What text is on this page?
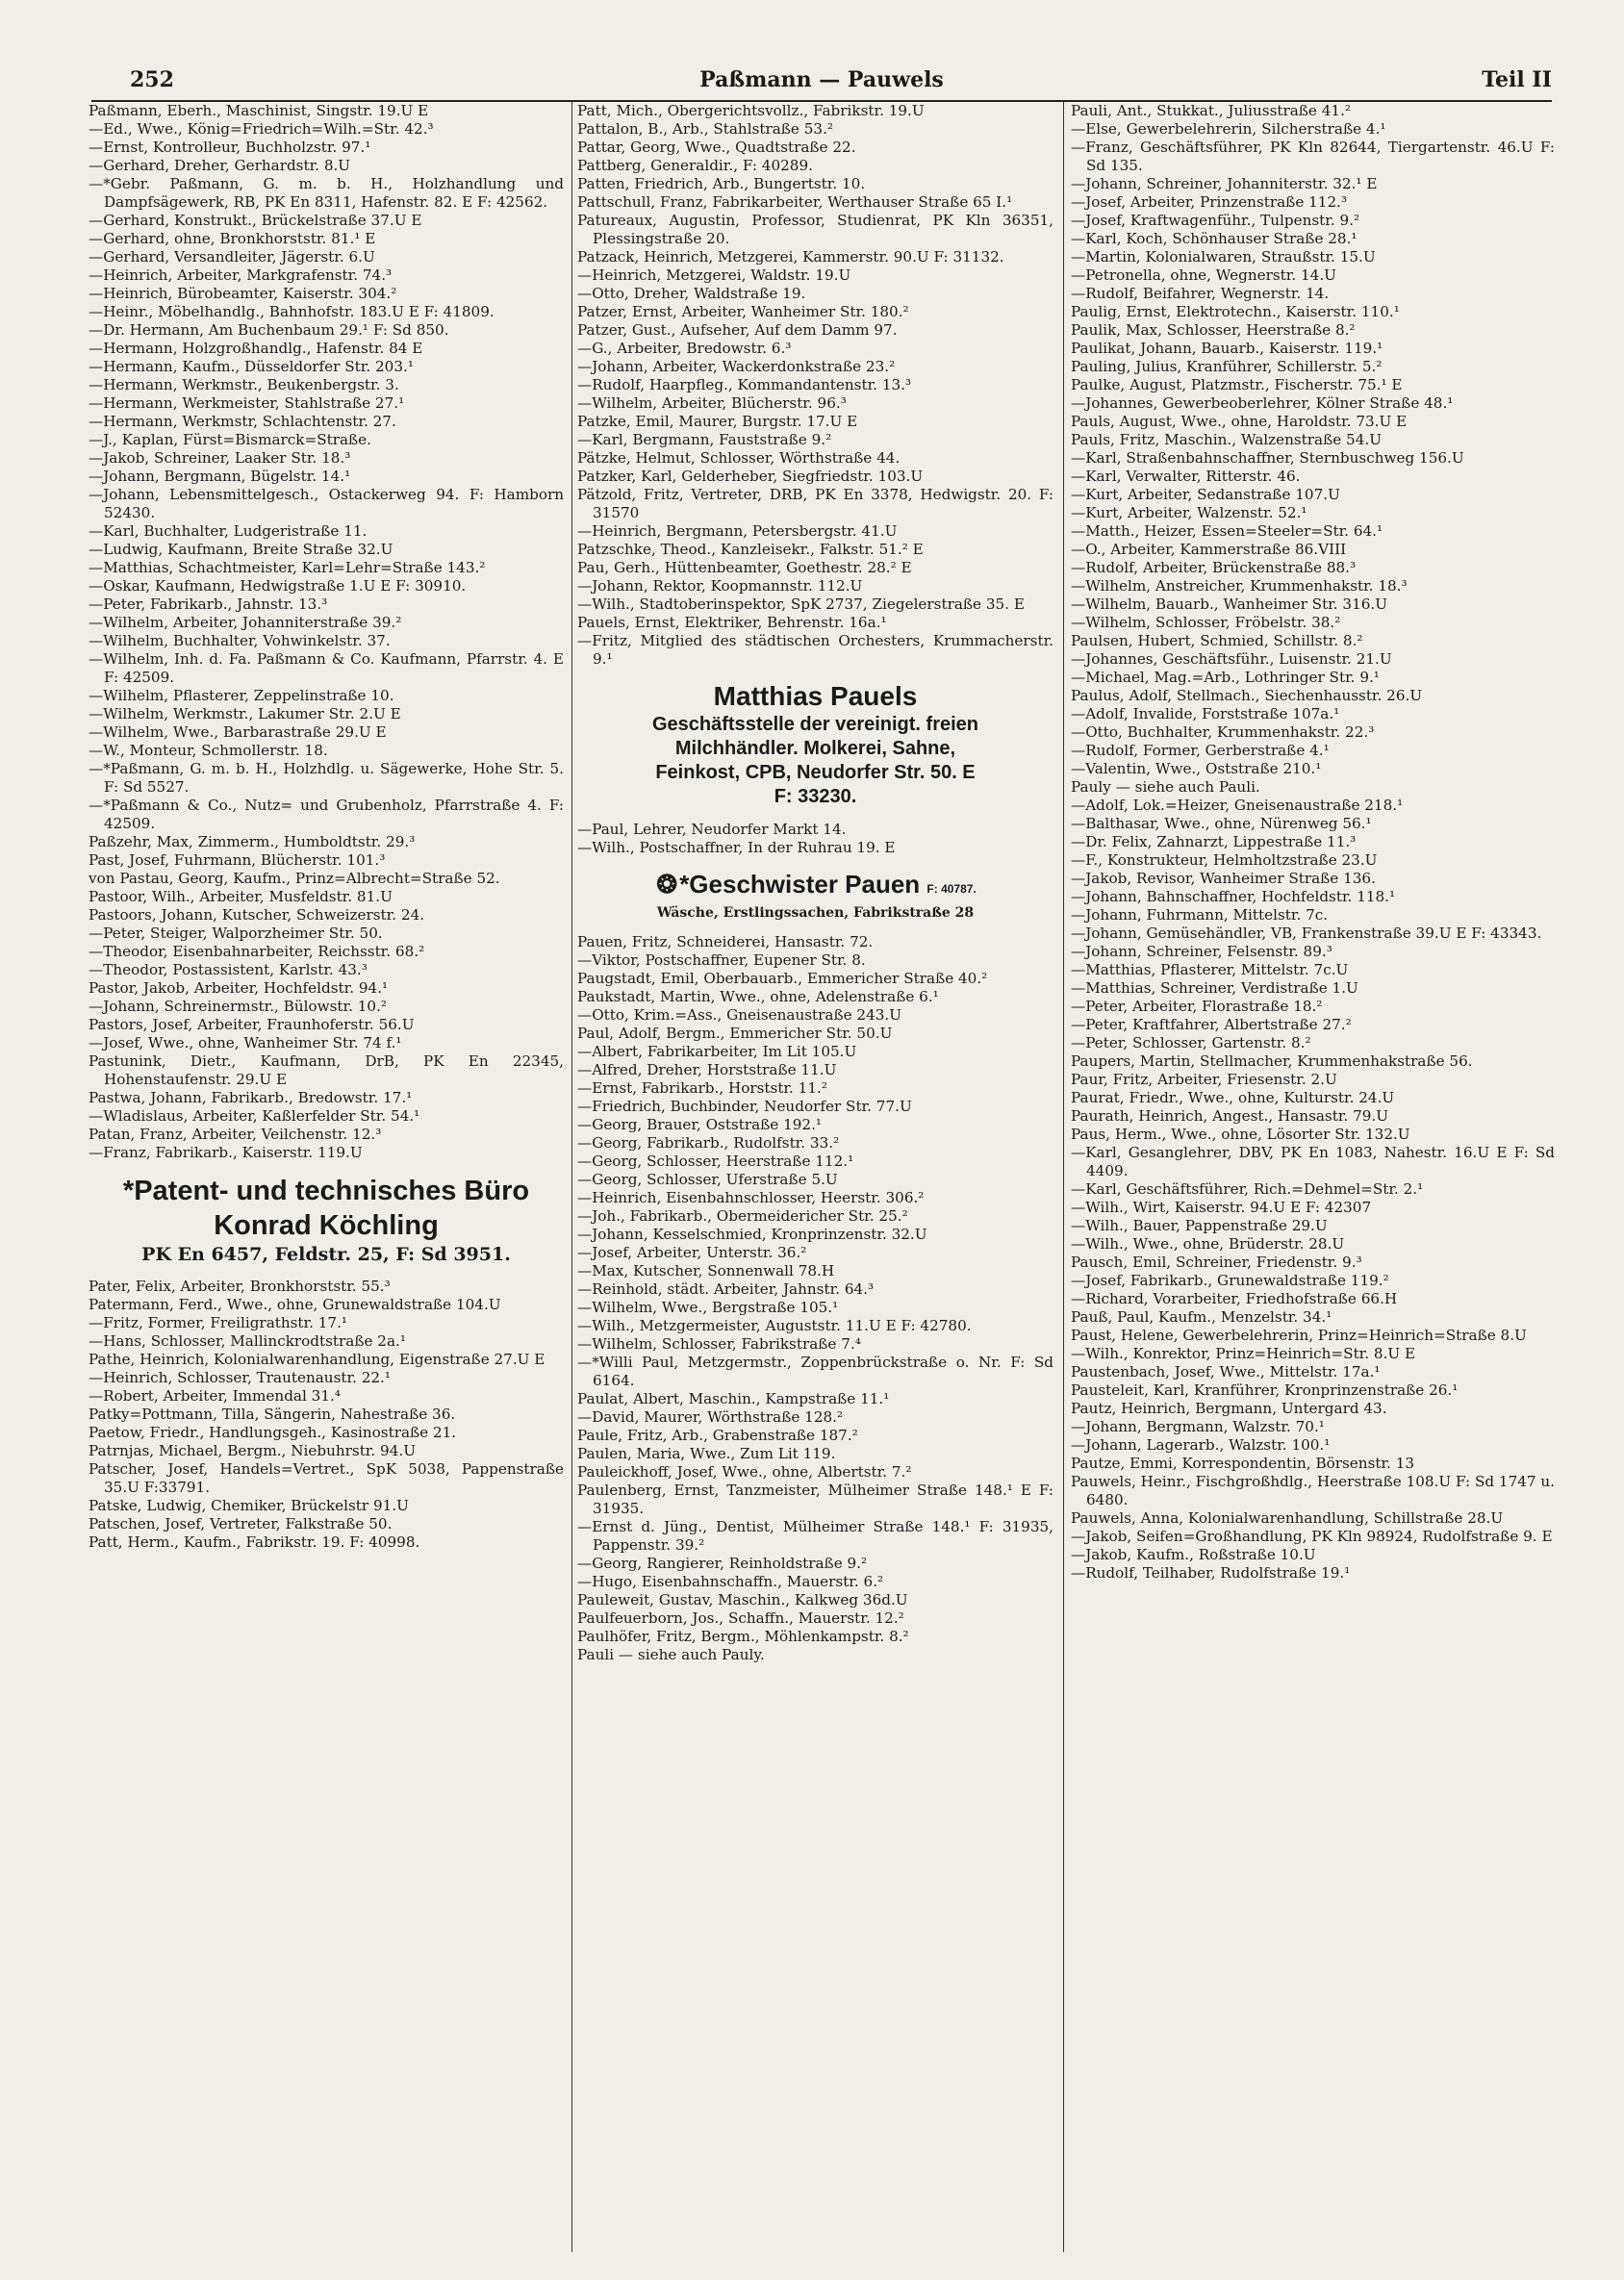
252	Paßmann — Pauwels	Teil II
Paßmann, Eberh., Maschinist, Singstr. 19.U E
—Ed., Wwe., König=Friedrich=Wilh.=Str. 42.³
—Ernst, Kontrolleur, Buchholzstr. 97.¹
—Gerhard, Dreher, Gerhardstr. 8.U
—*Gebr. Paßmann, G. m. b. H., Holzhandlung und Dampfsägewerk, RB, PK En 8311, Hafenstr. 82. E F: 42562.
—Gerhard, Konstrukt., Brückelstraße 37.U E
—Gerhard, ohne, Bronkhorststr. 81.¹ E
—Gerhard, Versandleiter, Jägerstr. 6.U
—Heinrich, Arbeiter, Markgrafenstr. 74.³
—Heinrich, Bürobeamter, Kaiserstr. 304.²
—Heinr., Möbelhandlg., Bahnhofstr. 183.U E F: 41809.
—Dr. Hermann, Am Buchenbaum 29.¹ F: Sd 850.
—Hermann, Holzgroßhandlg., Hafenstr. 84 E
—Hermann, Kaufm., Düsseldorfer Str. 203.¹
—Hermann, Werkmstr., Beukenbergstr. 3.
—Hermann, Werkmeister, Stahlstraße 27.¹
—Hermann, Werkmstr, Schlachtenstr. 27.
—J., Kaplan, Fürst=Bismarck=Straße.
—Jakob, Schreiner, Laaker Str. 18.³
—Johann, Bergmann, Bügelstr. 14.¹
—Johann, Lebensmittelgesch., Ostackerweg 94. F: Hamborn 52430.
—Karl, Buchhalter, Ludgeristraße 11.
—Ludwig, Kaufmann, Breite Straße 32.U
—Matthias, Schachtmeister, Karl=Lehr=Straße 143.²
—Oskar, Kaufmann, Hedwigstraße 1.U E F: 30910.
—Peter, Fabrikarb., Jahnstr. 13.³
—Wilhelm, Arbeiter, Johanniterstraße 39.²
—Wilhelm, Buchhalter, Vohwinkelstr. 37.
—Wilhelm, Inh. d. Fa. Paßmann & Co. Kaufmann, Pfarrstr. 4. E F: 42509.
—Wilhelm, Pflasterer, Zeppelinstraße 10.
—Wilhelm, Werkmstr., Lakumer Str. 2.U E
—Wilhelm, Wwe., Barbarastraße 29.U E
—W., Monteur, Schmollerstr. 18.
—*Paßmann, G. m. b. H., Holzhdlg. u. Sägewerke, Hohe Str. 5. F: Sd 5527.
—*Paßmann & Co., Nutz= und Grubenholz, Pfarrstraße 4. F: 42509.
Paßzehr, Max, Zimmerm., Humboldtstr. 29.³
Past, Josef, Fuhrmann, Blücherstr. 101.³
von Pastau, Georg, Kaufm., Prinz=Albrecht=Straße 52.
Pastoor, Wilh., Arbeiter, Musfeldstr. 81.U
Pastoors, Johann, Kutscher, Schweizerstr. 24.
—Peter, Steiger, Walporzheimer Str. 50.
—Theodor, Eisenbahnarbeiter, Reichsstr. 68.²
—Theodor, Postassistent, Karlstr. 43.³
Pastor, Jakob, Arbeiter, Hochfeldstr. 94.¹
—Johann, Schreinermstr., Bülowstr. 10.²
Pastors, Josef, Arbeiter, Fraunhoferstr. 56.U
—Josef, Wwe., ohne, Wanheimer Str. 74 f.¹
Pastunink, Dietr., Kaufmann, DrB, PK En 22345, Hohenstaufenstr. 29.U E
Pastwa, Johann, Fabrikarb., Bredowstr. 17.¹
—Wladislaus, Arbeiter, Kaßlerfelder Str. 54.¹
Patan, Franz, Arbeiter, Veilchenstr. 12.³
—Franz, Fabrikarb., Kaiserstr. 119.U
*Patent- und technisches Büro
Konrad Köchling
PK En 6457, Feldstr. 25, F: Sd 3951.
Pater, Felix, Arbeiter, Bronkhorststr. 55.³
Patermann, Ferd., Wwe., ohne, Grunewaldstraße 104.U
—Fritz, Former, Freiligrathstr. 17.¹
—Hans, Schlosser, Mallinckrodtstraße 2a.¹
Pathe, Heinrich, Kolonialwarenhandlung, Eigenstraße 27.U E
—Heinrich, Schlosser, Trautenaustr. 22.¹
—Robert, Arbeiter, Immendal 31.⁴
Patky=Pottmann, Tilla, Sängerin, Nahestraße 36.
Paetow, Friedr., Handlungsgeh., Kasinostraße 21.
Patrnjas, Michael, Bergm., Niebuhrstr. 94.U
Patscher, Josef, Handels=Vertret., SpK 5038, Pappenstraße 35.U F:33791.
Patske, Ludwig, Chemiker, Brückelstr 91.U
Patschen, Josef, Vertreter, Falkstraße 50.
Patt, Herm., Kaufm., Fabrikstr. 19. F: 40998.
Patt, Mich., Obergerichtsvollz., Fabrikstr. 19.U
Pattalon, B., Arb., Stahlstraße 53.²
Pattar, Georg, Wwe., Quadtstraße 22.
Pattberg, Generaldir., F: 40289.
Patten, Friedrich, Arb., Bungertstr. 10.
Pattschull, Franz, Fabrikarbeiter, Werthauser Straße 65 I.¹
Patureaux, Augustin, Professor, Studienrat, PK Kln 36351, Plessingstraße 20.
Patzack, Heinrich, Metzgerei, Kammerstr. 90.U F: 31132.
—Heinrich, Metzgerei, Waldstr. 19.U
—Otto, Dreher, Waldstraße 19.
Patzer, Ernst, Arbeiter, Wanheimer Str. 180.²
Patzer, Gust., Aufseher, Auf dem Damm 97.
—G., Arbeiter, Bredowstr. 6.³
—Johann, Arbeiter, Wackerdonkstraße 23.²
—Rudolf, Haarpfleg., Kommandantenstr. 13.³
—Wilhelm, Arbeiter, Blücherstr. 96.³
Patzke, Emil, Maurer, Burgstr. 17.U E
—Karl, Bergmann, Fauststraße 9.²
Pätzke, Helmut, Schlosser, Wörthstraße 44.
Patzker, Karl, Gelderheber, Siegfriedstr. 103.U
Pätzold, Fritz, Vertreter, DRB, PK En 3378, Hedwigstr. 20. F: 31570
—Heinrich, Bergmann, Petersbergstr. 41.U
Patzschke, Theod., Kanzleisekr., Falkstr. 51.² E
Pau, Gerh., Hüttenbeamter, Goethestr. 28.² E
—Johann, Rektor, Koopmannstr. 112.U
—Wilh., Stadtoberinspektor, SpK 2737, Ziegelerstraße 35. E
Pauels, Ernst, Elektriker, Behrenstr. 16a.¹
—Fritz, Mitglied des städtischen Orchesters, Krummacherstr. 9.¹
Matthias Pauels
Geschäftsstelle der vereinigt. freien
Milchhändler. Molkerei, Sahne,
Feinkost, CPB, Neudorfer Str. 50. E
F: 33230.
—Paul, Lehrer, Neudorfer Markt 14.
—Wilh., Postschaffner, In der Ruhrau 19. E
❂*Geschwister Pauen F: 40787.
Wäsche, Erstlingssachen, Fabrikstraße 28
Pauen, Fritz, Schneiderei, Hansastr. 72.
—Viktor, Postschaffner, Eupener Str. 8.
Paugstadt, Emil, Oberbauarb., Emmericher Straße 40.²
Paukstadt, Martin, Wwe., ohne, Adelenstraße 6.¹
—Otto, Krim.=Ass., Gneisenaustraße 243.U
Paul, Adolf, Bergm., Emmericher Str. 50.U
—Albert, Fabrikarbeiter, Im Lit 105.U
—Alfred, Dreher, Horststraße 11.U
—Ernst, Fabrikarb., Horststr. 11.²
—Friedrich, Buchbinder, Neudorfer Str. 77.U
—Georg, Brauer, Oststraße 192.¹
—Georg, Fabrikarb., Rudolfstr. 33.²
—Georg, Schlosser, Heerstraße 112.¹
—Georg, Schlosser, Uferstraße 5.U
—Heinrich, Eisenbahnschlosser, Heerstr. 306.²
—Joh., Fabrikarb., Obermeidericher Str. 25.²
—Johann, Kesselschmied, Kronprinzenstr. 32.U
—Josef, Arbeiter, Unterstr. 36.²
—Max, Kutscher, Sonnenwall 78.H
—Reinhold, städt. Arbeiter, Jahnstr. 64.³
—Wilhelm, Wwe., Bergstraße 105.¹
—Wilh., Metzgermeister, Auguststr. 11.U E F: 42780.
—Wilhelm, Schlosser, Fabrikstraße 7.⁴
—*Willi Paul, Metzgermstr., Zoppenbrückstraße o. Nr. F: Sd 6164.
Paulat, Albert, Maschin., Kampstraße 11.¹
—David, Maurer, Wörthstraße 128.²
Paule, Fritz, Arb., Grabenstraße 187.²
Paulen, Maria, Wwe., Zum Lit 119.
Pauleickhoff, Josef, Wwe., ohne, Albertstr. 7.²
Paulenberg, Ernst, Tanzmeister, Mülheimer Straße 148.¹ E F: 31935.
—Ernst d. Jüng., Dentist, Mülheimer Straße 148.¹ F: 31935, Pappenstr. 39.²
—Georg, Rangierer, Reinholdstraße 9.²
—Hugo, Eisenbahnschaffn., Mauerstr. 6.²
Pauleweit, Gustav, Maschin., Kalkweg 36d.U
Paulfeuerborn, Jos., Schaffn., Mauerstr. 12.²
Paulhöfer, Fritz, Bergm., Möhlenkampstr. 8.²
Pauli — siehe auch Pauly.
Pauli, Ant., Stukkat., Juliusstraße 41.²
—Else, Gewerbelehrerin, Silcherstraße 4.¹
—Franz, Geschäftsführer, PK Kln 82644, Tiergartenstr. 46.U F: Sd 135.
—Johann, Schreiner, Johanniterstr. 32.¹ E
—Josef, Arbeiter, Prinzenstraße 112.³
—Josef, Kraftwagenführ., Tulpenstr. 9.²
—Karl, Koch, Schönhauser Straße 28.¹
—Martin, Kolonialwaren, Straußstr. 15.U
—Petronella, ohne, Wegnerstr. 14.U
—Rudolf, Beifahrer, Wegnerstr. 14.
Paulig, Ernst, Elektrotechn., Kaiserstr. 110.¹
Paulik, Max, Schlosser, Heerstraße 8.²
Paulikat, Johann, Bauarb., Kaiserstr. 119.¹
Pauling, Julius, Kranführer, Schillerstr. 5.²
Paulke, August, Platzmstr., Fischerstr. 75.¹ E
—Johannes, Gewerbeoberlehrer, Kölner Straße 48.¹
Pauls, August, Wwe., ohne, Haroldstr. 73.U E
Pauls, Fritz, Maschin., Walzenstraße 54.U
—Karl, Straßenbahnschaffner, Sternbuschweg 156.U
—Karl, Verwalter, Ritterstr. 46.
—Kurt, Arbeiter, Sedanstraße 107.U
—Kurt, Arbeiter, Walzenstr. 52.¹
—Matth., Heizer, Essen=Steeler=Str. 64.¹
—O., Arbeiter, Kammerstraße 86.VIII
—Rudolf, Arbeiter, Brückenstraße 88.³
—Wilhelm, Anstreicher, Krummenhakstr. 18.³
—Wilhelm, Bauarb., Wanheimer Str. 316.U
—Wilhelm, Schlosser, Fröbelstr. 38.²
Paulsen, Hubert, Schmied, Schillstr. 8.²
—Johannes, Geschäftsführ., Luisenstr. 21.U
—Michael, Mag.=Arb., Lothringer Str. 9.¹
Paulus, Adolf, Stellmach., Siechenhausstr. 26.U
—Adolf, Invalide, Forststraße 107a.¹
—Otto, Buchhalter, Krummenhakstr. 22.³
—Rudolf, Former, Gerberstraße 4.¹
—Valentin, Wwe., Oststraße 210.¹
Pauly — siehe auch Pauli.
—Adolf, Lok.=Heizer, Gneisenaustraße 218.¹
—Balthasar, Wwe., ohne, Nürenweg 56.¹
—Dr. Felix, Zahnarzt, Lippestraße 11.³
—F., Konstrukteur, Helmholtzstraße 23.U
—Jakob, Revisor, Wanheimer Straße 136.
—Johann, Bahnschaffner, Hochfeldstr. 118.¹
—Johann, Fuhrmann, Mittelstr. 7c.
—Johann, Gemüsehändler, VB, Frankenstraße 39.U E F: 43343.
—Johann, Schreiner, Felsenstr. 89.³
—Matthias, Pflasterer, Mittelstr. 7c.U
—Matthias, Schreiner, Verdistraße 1.U
—Peter, Arbeiter, Florastraße 18.²
—Peter, Kraftfahrer, Albertstraße 27.²
—Peter, Schlosser, Gartenstr. 8.²
Paupers, Martin, Stellmacher, Krummenhakstraße 56.
Paur, Fritz, Arbeiter, Friesenstr. 2.U
Paurat, Friedr., Wwe., ohne, Kulturstr. 24.U
Paurath, Heinrich, Angest., Hansastr. 79.U
Paus, Herm., Wwe., ohne, Lösorter Str. 132.U
—Karl, Gesanglehrer, DBV, PK En 1083, Nahestr. 16.U E F: Sd 4409.
—Karl, Geschäftsführer, Rich.=Dehmel=Str. 2.¹
—Wilh., Wirt, Kaiserstr. 94.U E F: 42307
—Wilh., Bauer, Pappenstraße 29.U
—Wilh., Wwe., ohne, Brüderstr. 28.U
Pausch, Emil, Schreiner, Friedenstr. 9.³
—Josef, Fabrikarb., Grunewaldstraße 119.²
—Richard, Vorarbeiter, Friedhofstraße 66.H
Pauß, Paul, Kaufm., Menzelstr. 34.¹
Paust, Helene, Gewerbelehrerin, Prinz=Heinrich=Straße 8.U
—Wilh., Konrektor, Prinz=Heinrich=Str. 8.U E
Paustenbach, Josef, Wwe., Mittelstr. 17a.¹
Pausteleit, Karl, Kranführer, Kronprinzenstraße 26.¹
Pautz, Heinrich, Bergmann, Untergard 43.
—Johann, Bergmann, Walzstr. 70.¹
—Johann, Lagerarb., Walzstr. 100.¹
Pautze, Emmi, Korrespondentin, Börsenstr. 13
Pauwels, Heinr., Fischgroßhdlg., Heerstraße 108.U F: Sd 1747 u. 6480.
Pauwels, Anna, Kolonialwarenhandlung, Schillstraße 28.U
—Jakob, Seifen=Großhandlung, PK Kln 98924, Rudolfstraße 9. E
—Jakob, Kaufm., Roßstraße 10.U
—Rudolf, Teilhaber, Rudolfstraße 19.¹
